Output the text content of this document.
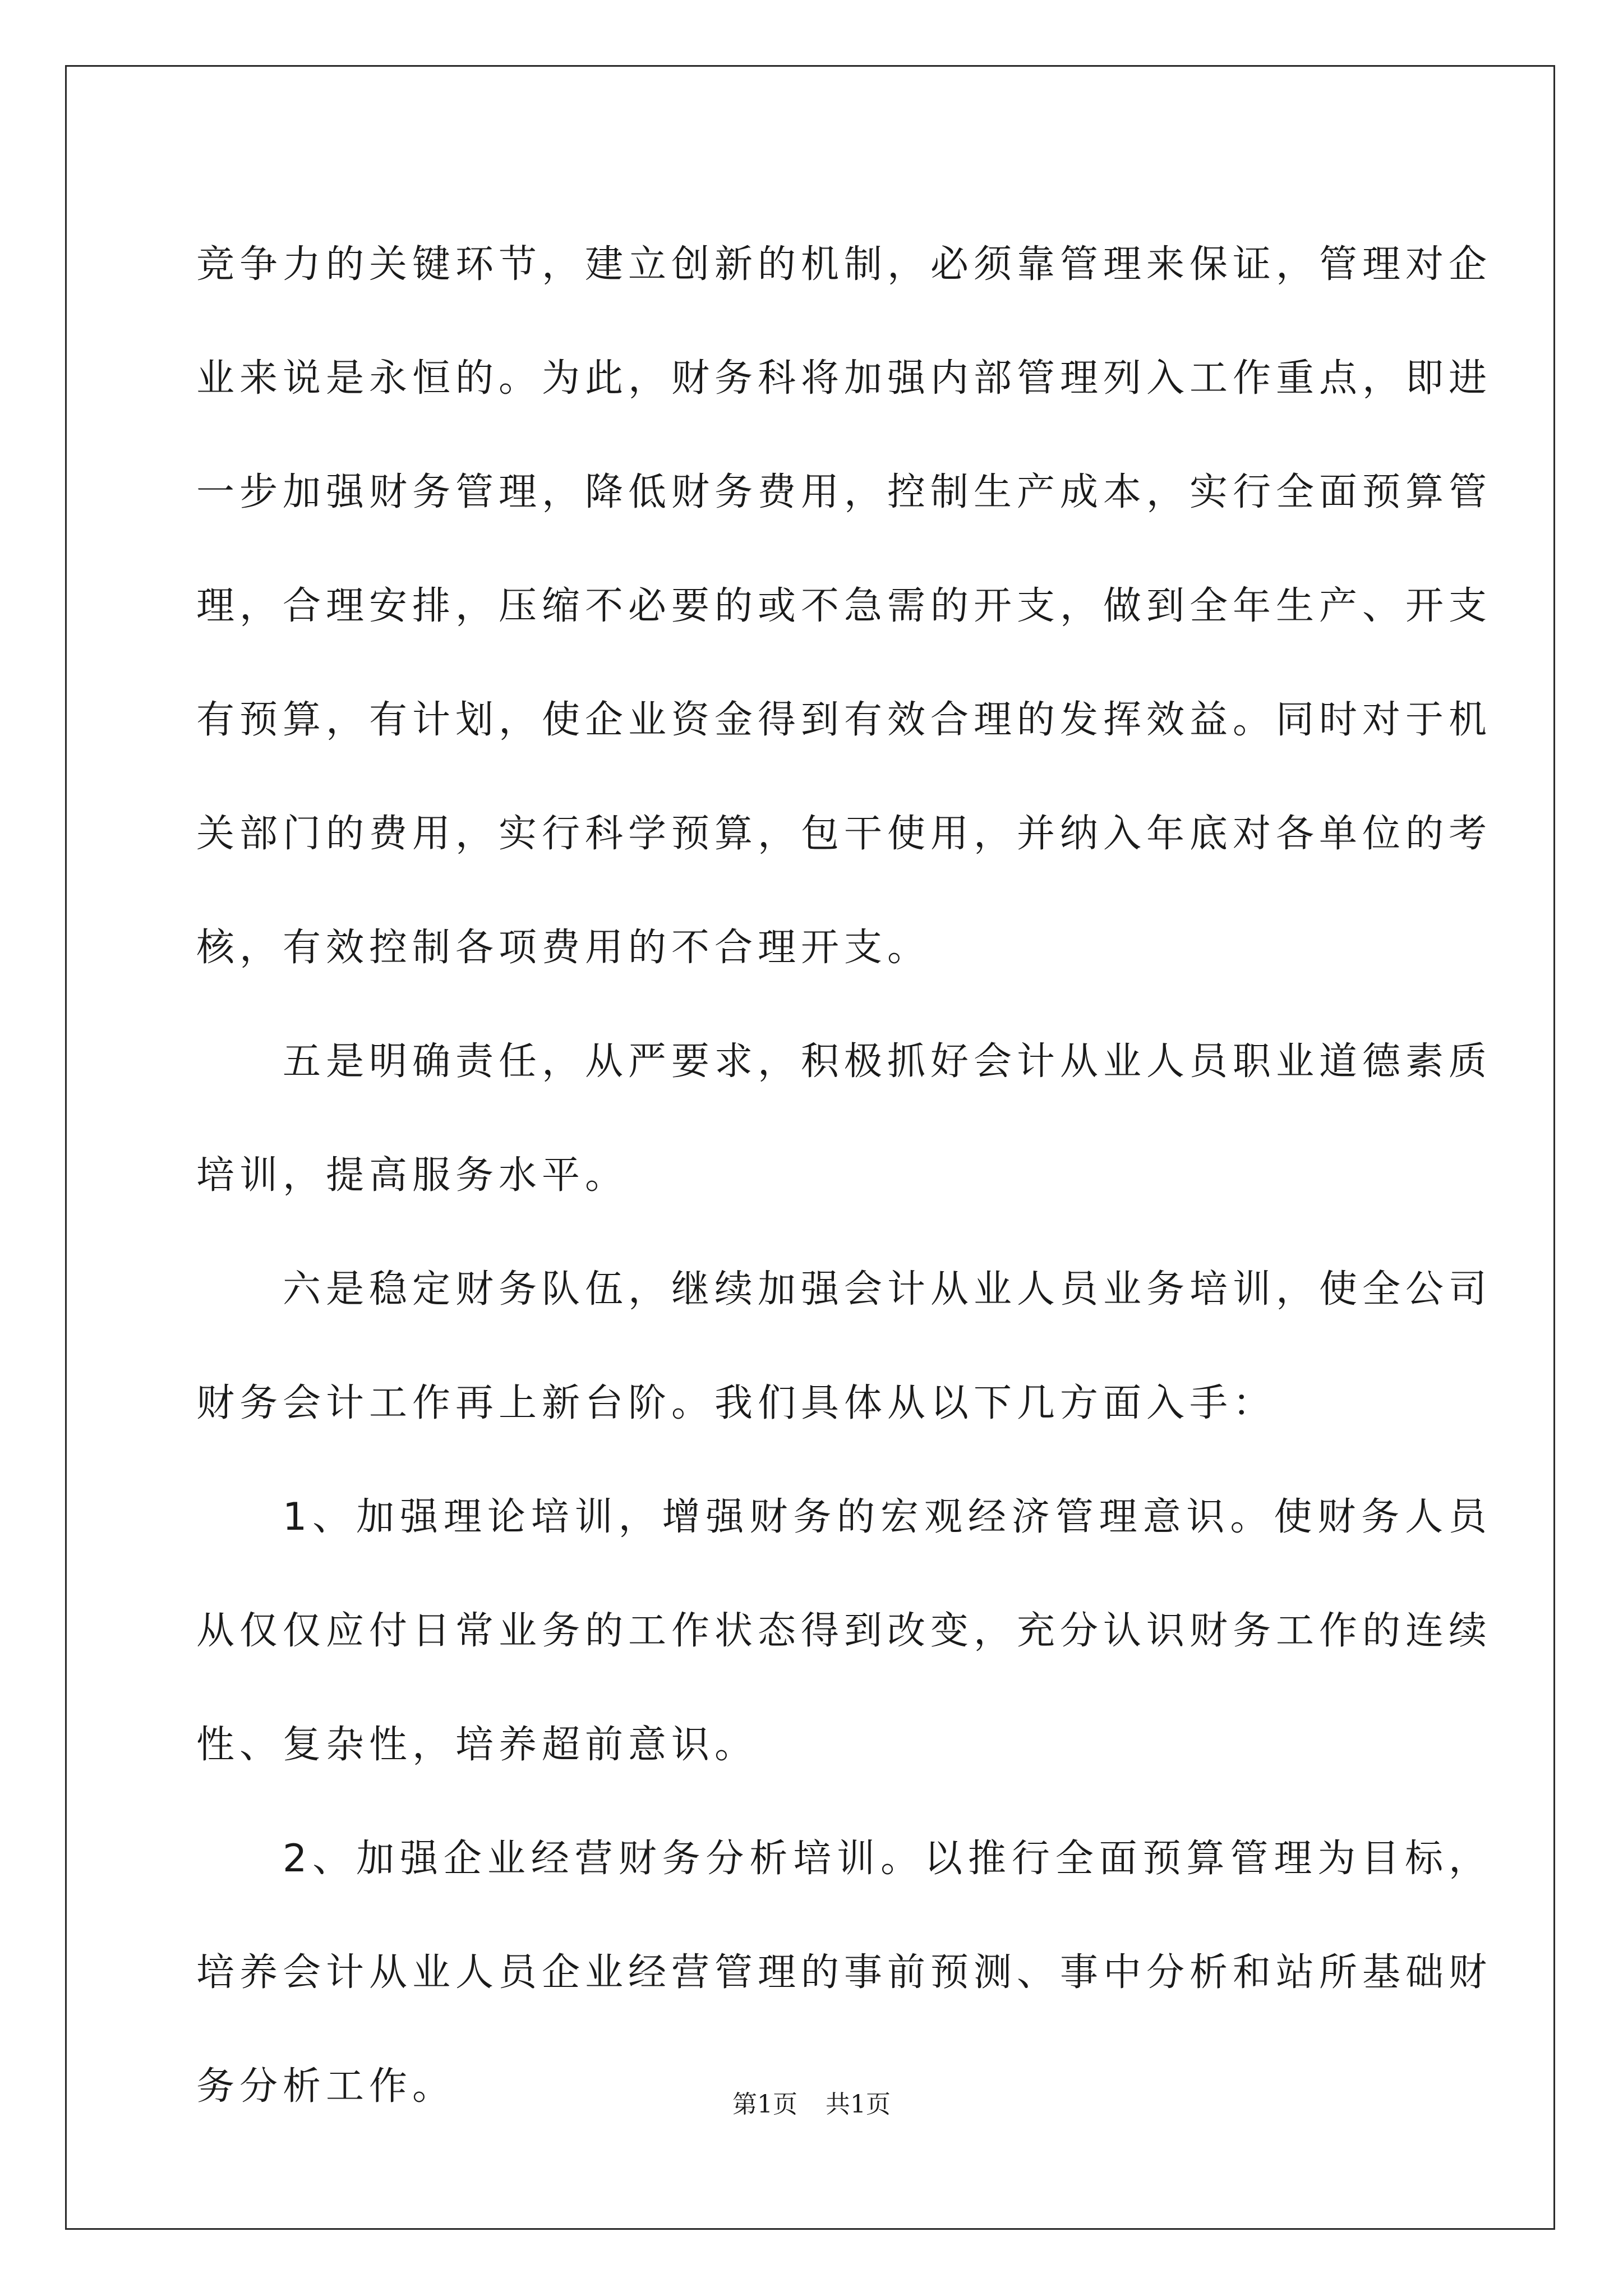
竞争力的关键环节，建立创新的机制，必须靠管理来保证，管理对企业来说是永恒的。为此，财务科将加强内部管理列入工作重点，即进一步加强财务管理，降低财务费用，控制生产成本，实行全面预算管理，合理安排，压缩不必要的或不急需的开支，做到全年生产、开支有预算，有计划，使企业资金得到有效合理的发挥效益。同时对于机关部门的费用，实行科学预算，包干使用，并纳入年底对各单位的考核，有效控制各项费用的不合理开支。

五是明确责任，从严要求，积极抓好会计从业人员职业道德素质培训，提高服务水平。

六是稳定财务队伍，继续加强会计从业人员业务培训，使全公司财务会计工作再上新台阶。我们具体从以下几方面入手：

1、加强理论培训，增强财务的宏观经济管理意识。使财务人员从仅仅应付日常业务的工作状态得到改变，充分认识财务工作的连续性、复杂性，培养超前意识。

2、加强企业经营财务分析培训。以推行全面预算管理为目标，培养会计从业人员企业经营管理的事前预测、事中分析和站所基础财务分析工作。	第1页 共1页
